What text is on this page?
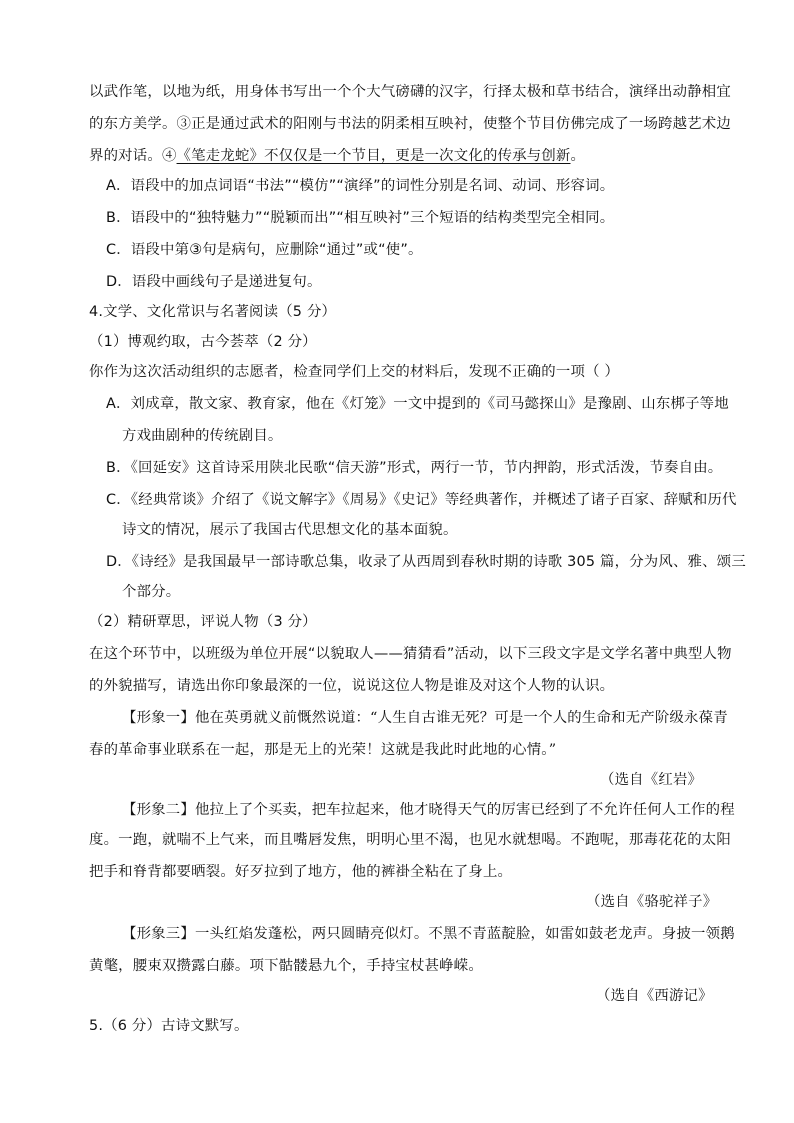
以武作笔，以地为纸，用身体书写出一个个大气磅礴的汉字，行择太极和草书结合，演绎出动静相宜
的东方美学。③正是通过武术的阳刚与书法的阴柔相互映衬，使整个节目仿佛完成了一场跨越艺术边
界的对话。④《笔走龙蛇》不仅仅是一个节目，更是一次文化的传承与创新。
A．语段中的加点词语“书法”“模仿”“演绎”的词性分别是名词、动词、形容词。
B．语段中的“独特魅力”“脱颖而出”“相互映衬”三个短语的结构类型完全相同。
C．语段中第③句是病句，应删除“通过”或“使”。
D．语段中画线句子是递进复句。
4.文学、文化常识与名著阅读（5 分）
（1）博观约取，古今荟萃（2 分）
你作为这次活动组织的志愿者，检查同学们上交的材料后，发现不正确的一项（ ）
A．刘成章，散文家、教育家，他在《灯笼》一文中提到的《司马懿探山》是豫剧、山东梆子等地
方戏曲剧种的传统剧目。
B．《回延安》这首诗采用陕北民歌“信天游”形式，两行一节，节内押韵，形式活泼，节奏自由。
C．《经典常谈》介绍了《说文解字》《周易》《史记》等经典著作，并概述了诸子百家、辞赋和历代
诗文的情况，展示了我国古代思想文化的基本面貌。
D．《诗经》是我国最早一部诗歌总集，收录了从西周到春秋时期的诗歌 305 篇，分为风、雅、颂三
个部分。
（2）精研覃思，评说人物（3 分）
在这个环节中，以班级为单位开展“以貌取人——猜猜看”活动，以下三段文字是文学名著中典型人物
的外貌描写，请选出你印象最深的一位，说说这位人物是谁及对这个人物的认识。
【形象一】他在英勇就义前慨然说道：“人生自古谁无死？可是一个人的生命和无产阶级永葆青
春的革命事业联系在一起，那是无上的光荣！这就是我此时此地的心情。”
（选自《红岩》
【形象二】他拉上了个买卖，把车拉起来，他才晓得天气的厉害已经到了不允许任何人工作的程
度。一跑，就喘不上气来，而且嘴唇发焦，明明心里不渴，也见水就想喝。不跑呢，那毒花花的太阳
把手和脊背都要晒裂。好歹拉到了地方，他的裤褂全粘在了身上。
（选自《骆驼祥子》
【形象三】一头红焰发蓬松，两只圆睛亮似灯。不黑不青蓝靛脸，如雷如鼓老龙声。身披一领鹅
黄氅，腰束双攒露白藤。项下骷髅悬九个，手持宝杖甚峥嵘。
（选自《西游记》
5.（6 分）古诗文默写。
